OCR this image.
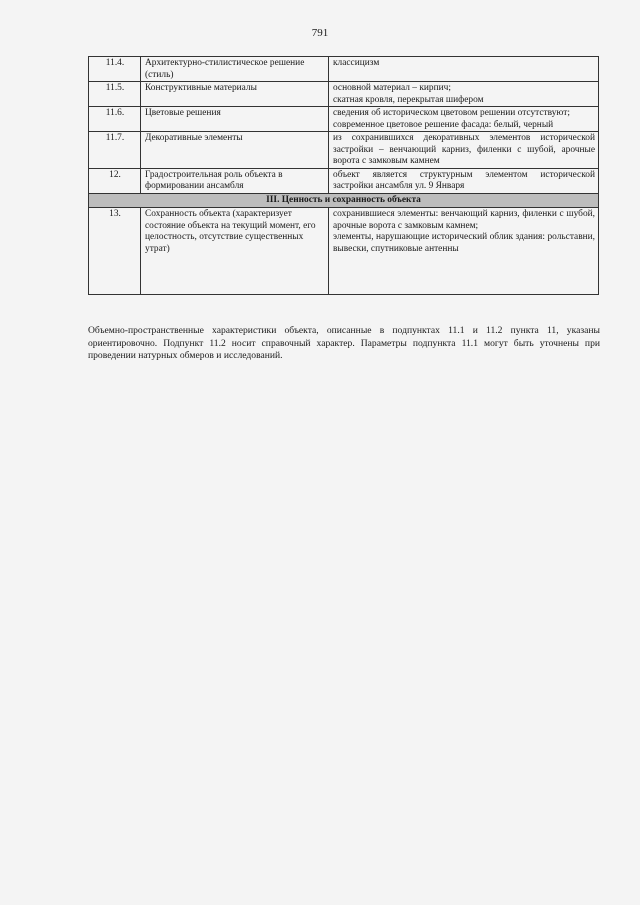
791
11.4.	Архитектурно-стилистическое решение (стиль)	классицизм

11.5.	Конструктивные материалы	основной материал – кирпич;
скатная кровля, перекрытая шифером

11.6.	Цветовые решения	сведения об историческом цветовом решении отсутствуют;
современное цветовое решение фасада: белый, черный

11.7.	Декоративные элементы	из сохранившихся декоративных элементов исторической застройки – венчающий карниз, филенки с шубой, арочные ворота с замковым камнем

12.	Градостроительная роль объекта в формировании ансамбля	объект является структурным элементом исторической застройки ансамбля ул. 9 Января

III. Ценность и сохранность объекта		
13.	Сохранность объекта (характеризует состояние объекта на текущий момент, его целостность, отсутствие существенных утрат)	сохранившиеся элементы: венчающий карниз, филенки с шубой, арочные ворота с замковым камнем;
элементы, нарушающие исторический облик здания: рольставни, вывески, спутниковые антенны
Объемно-пространственные характеристики объекта, описанные в подпунктах 11.1 и 11.2 пункта 11, указаны ориентировочно. Подпункт 11.2 носит справочный характер. Параметры подпункта 11.1 могут быть уточнены при проведении натурных обмеров и исследований.
